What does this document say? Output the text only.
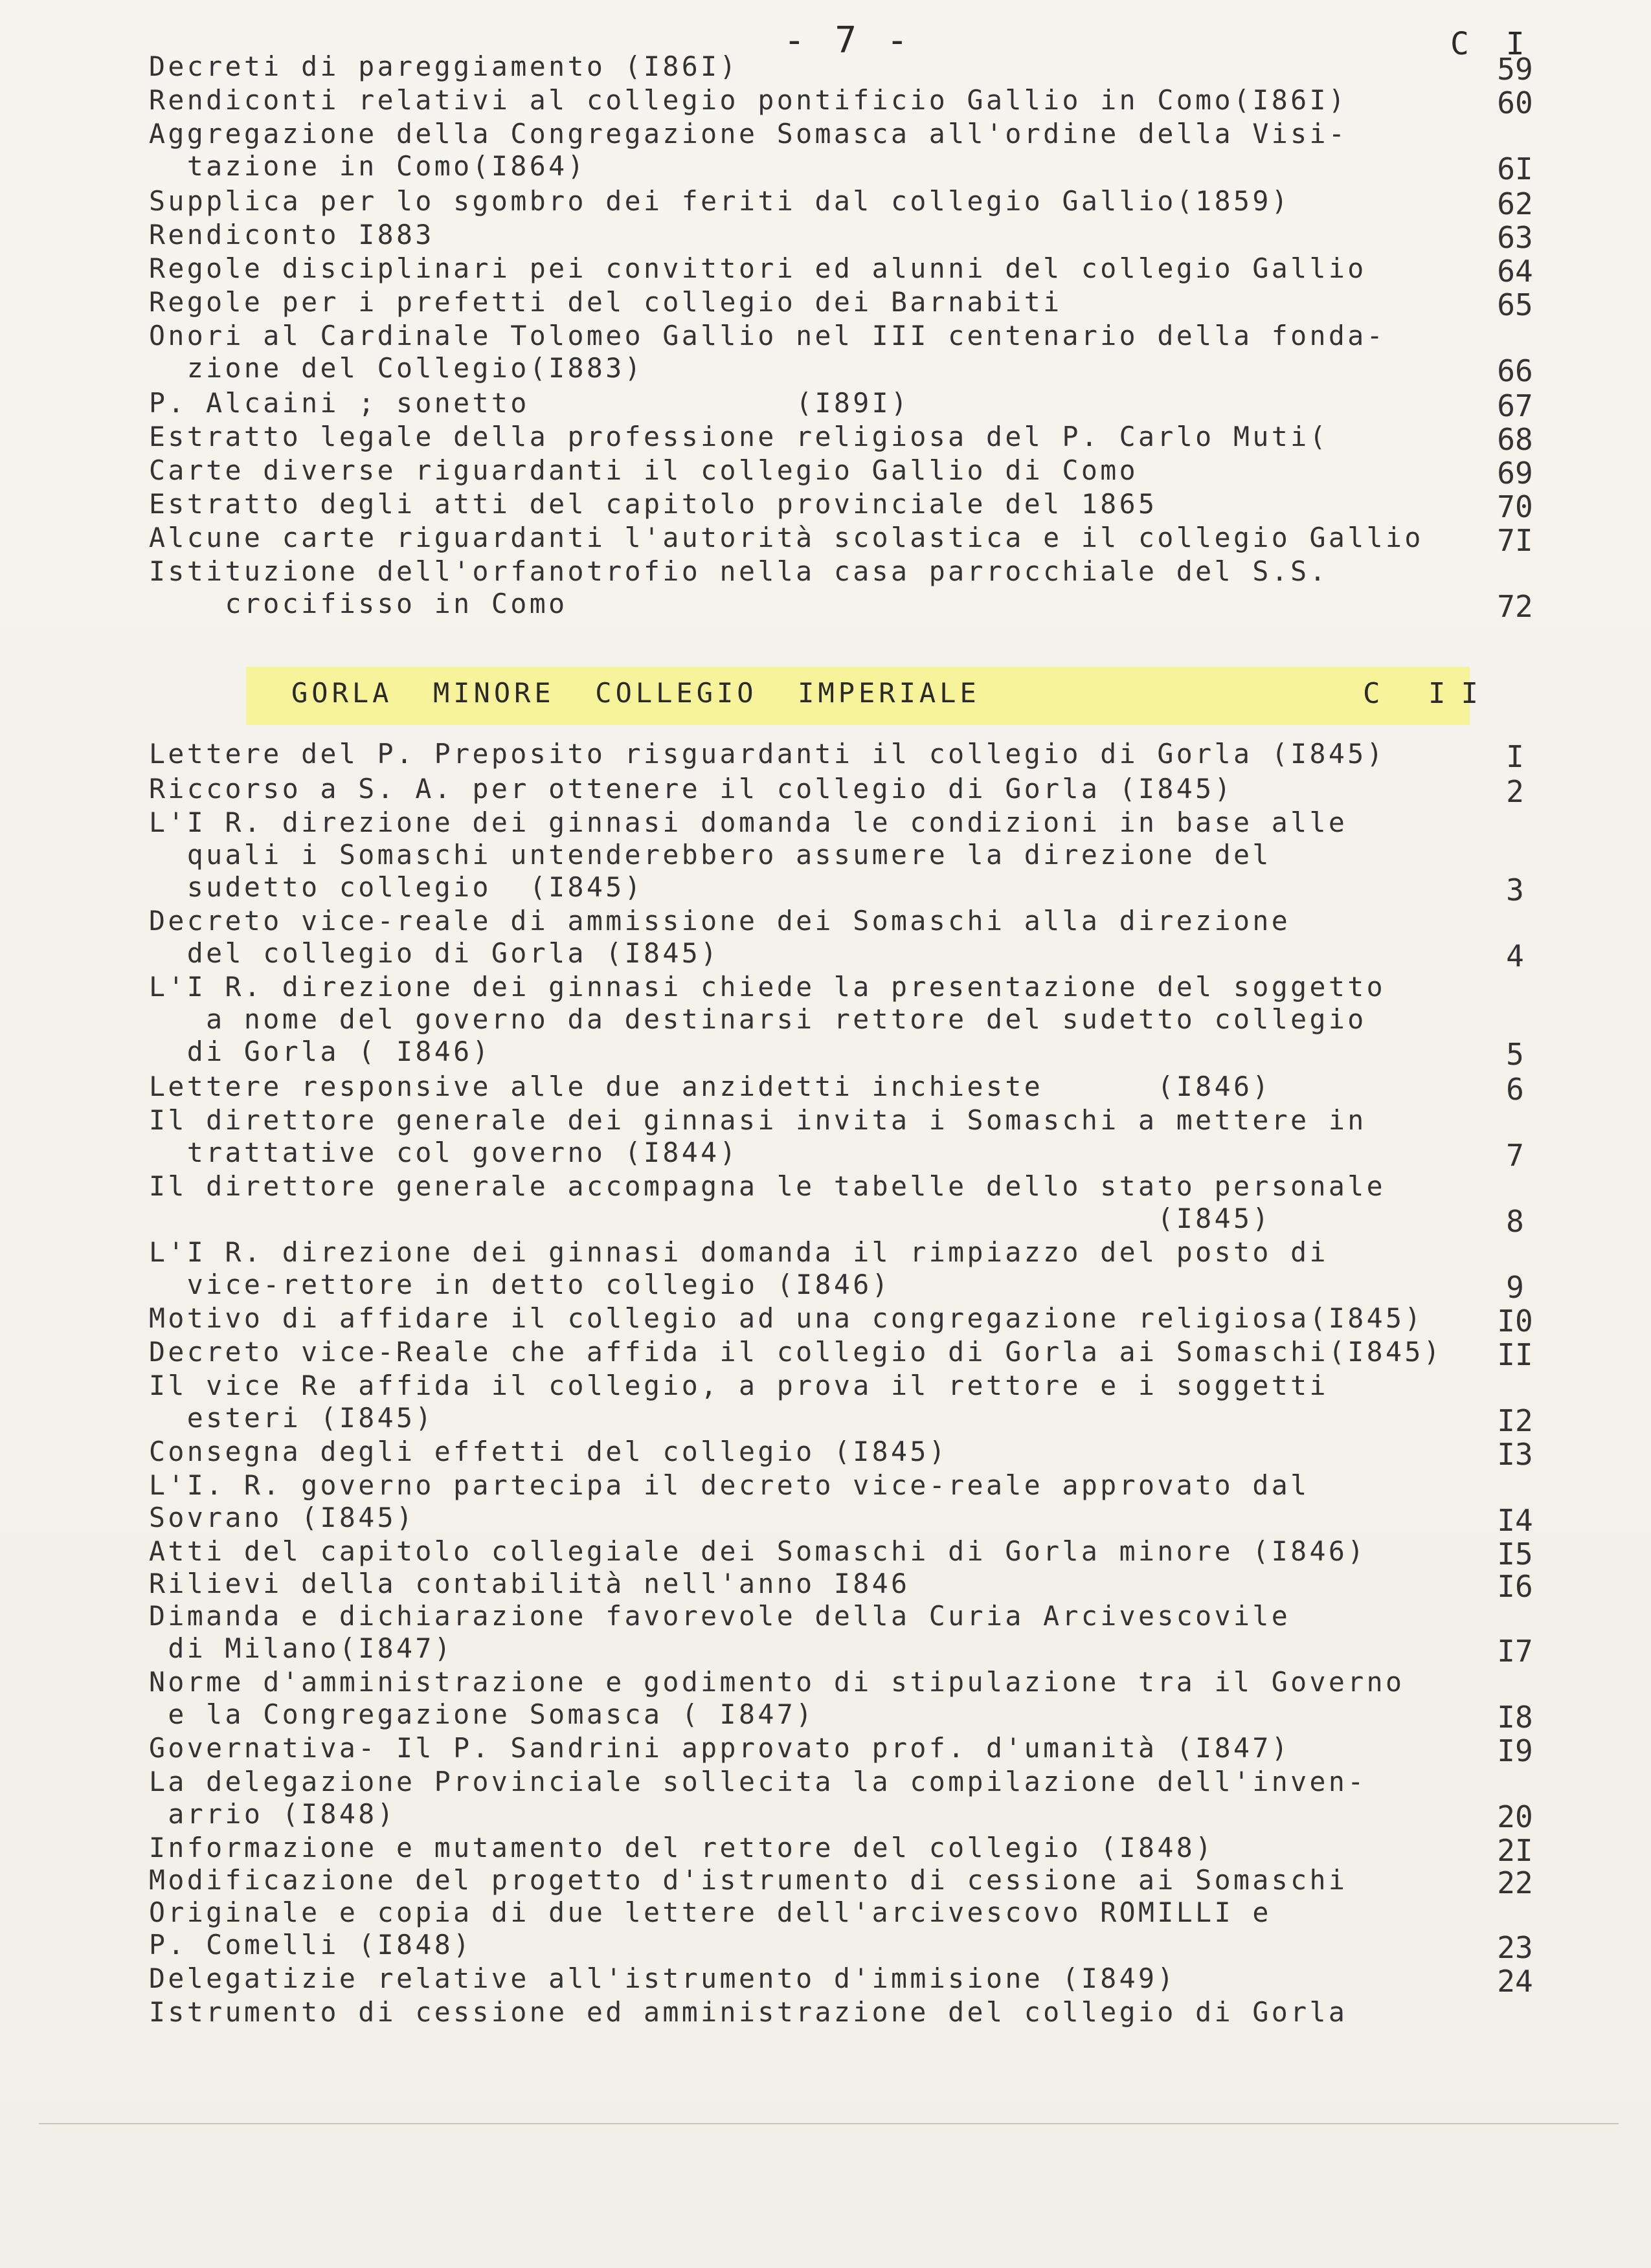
- 7 -	C I
GORLA  MINORE  COLLEGIO  IMPERIALE	C II
Decreti di pareggiamento (I86I)	59
Rendiconti relativi al collegio pontificio Gallio in Como(I86I)	60
Aggregazione della Congregazione Somasca all'ordine della Visi-
tazione in Como(I864)	6I
Supplica per lo sgombro dei feriti dal collegio Gallio(1859)	62
Rendiconto I883	63
Regole disciplinari pei convittori ed alunni del collegio Gallio	64
Regole per i prefetti del collegio dei Barnabiti	65
Onori al Cardinale Tolomeo Gallio nel III centenario della fonda-
zione del Collegio(I883)	66
P. Alcaini ; sonetto              (I89I)	67
Estratto legale della professione religiosa del P. Carlo Muti(	68
Carte diverse riguardanti il collegio Gallio di Como	69
Estratto degli atti del capitolo provinciale del 1865	70
Alcune carte riguardanti l'autorità scolastica e il collegio Gallio	7I
Istituzione dell'orfanotrofio nella casa parrocchiale del S.S.
crocifisso in Como	72
Lettere del P. Preposito risguardanti il collegio di Gorla (I845)	I
Riccorso a S. A. per ottenere il collegio di Gorla (I845)	2
L'I R. direzione dei ginnasi domanda le condizioni in base alle
quali i Somaschi untenderebbero assumere la direzione del
sudetto collegio  (I845)	3
Decreto vice-reale di ammissione dei Somaschi alla direzione
del collegio di Gorla (I845)	4
L'I R. direzione dei ginnasi chiede la presentazione del soggetto
a nome del governo da destinarsi rettore del sudetto collegio
di Gorla ( I846)	5
Lettere responsive alle due anzidetti inchieste      (I846)	6
Il direttore generale dei ginnasi invita i Somaschi a mettere in
trattative col governo (I844)	7
Il direttore generale accompagna le tabelle dello stato personale
(I845)	8
L'I R. direzione dei ginnasi domanda il rimpiazzo del posto di
vice-rettore in detto collegio (I846)	9
Motivo di affidare il collegio ad una congregazione religiosa(I845)	I0
Decreto vice-Reale che affida il collegio di Gorla ai Somaschi(I845)	II
Il vice Re affida il collegio, a prova il rettore e i soggetti
esteri (I845)	I2
Consegna degli effetti del collegio (I845)	I3
L'I. R. governo partecipa il decreto vice-reale approvato dal
Sovrano (I845)	I4
Atti del capitolo collegiale dei Somaschi di Gorla minore (I846)	I5
Rilievi della contabilità nell'anno I846	I6
Dimanda e dichiarazione favorevole della Curia Arcivescovile
di Milano(I847)	I7
Norme d'amministrazione e godimento di stipulazione tra il Governo
e la Congregazione Somasca ( I847)	I8
Governativa- Il P. Sandrini approvato prof. d'umanità (I847)	I9
La delegazione Provinciale sollecita la compilazione dell'inven-
arrio (I848)	20
Informazione e mutamento del rettore del collegio (I848)	2I
Modificazione del progetto d'istrumento di cessione ai Somaschi	22
Originale e copia di due lettere dell'arcivescovo ROMILLI e
P. Comelli (I848)	23
Delegatizie relative all'istrumento d'immisione (I849)	24
Istrumento di cessione ed amministrazione del collegio di Gorla
